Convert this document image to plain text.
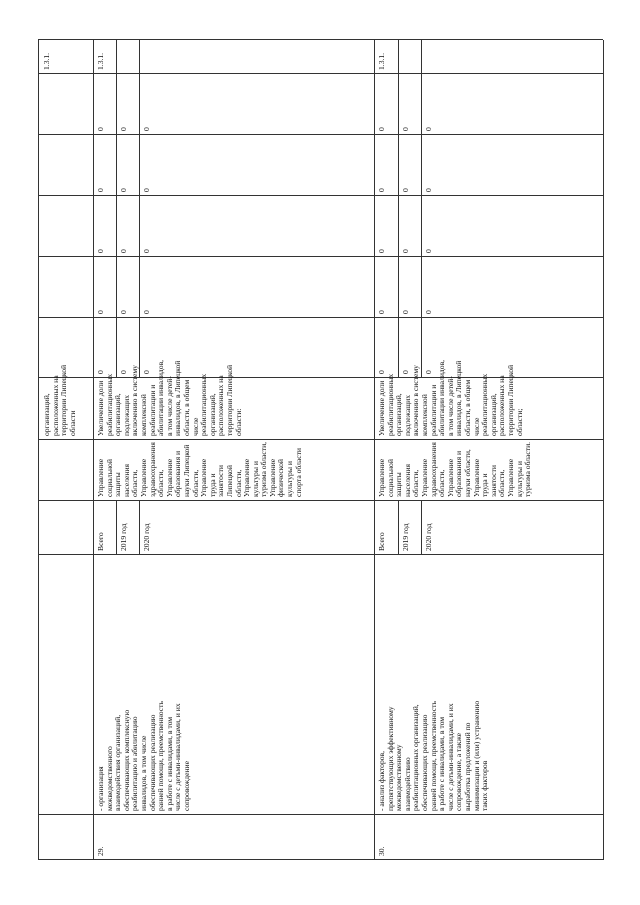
организаций,
расположенных на
территории Липецкой
области
1.3.1.
29.
- организация
межведомственного
взаимодействия организаций,
обеспечивающих комплексную
реабилитацию и абилитацию
инвалидов, в том числе
обеспечивающих реализацию
ранней помощи, преемственность
в работе с инвалидами, в том
числе с детьми-инвалидами, и их
сопровождение
Всего 2019 год 2020 год
Управление
социальной
защиты
населения
области,
Управление
здравоохранения
области,
Управление
образования и
науки Липецкой
области,
Управление
труда и
занятости
Липецкой
области,
Управление
культуры и
туризма области,
Управление
физической
культуры и
спорта области
0 0 0
0 0 0
0 0 0
0 0 0
0 0 0
1.3.1.
30.
- анализ факторов,
препятствующих эффективному
межведомственному
взаимодействию
реабилитационных организаций,
обеспечивающих реализацию
ранней помощи, преемственность
в работе с инвалидами, в том
числе с детьми-инвалидами, и их
сопровождение, а также
выработка предложений по
минимизации и (или) устранению
таких факторов
Всего 2019 год 2020 год
Управление
социальной
защиты
населения
области,
Управление
здравоохранения
области,
Управление
образования и
науки области,
Управление
труда и
занятости
области,
Управление
культуры и
туризма области.
0 0 0
0 0 0
0 0 0
0 0 0
0 0 0
1.3.1.
Увеличение доли
реабилитационных
организаций,
подлежащих
включению в систему
комплексной
реабилитации и
абилитации инвалидов,
в том числе детей-
инвалидов, в Липецкой
области, в общем
числе
реабилитационных
организаций,
расположенных на
территории Липецкой
области:	Увеличение доли
реабилитационных
организаций,
подлежащих
включению в систему
комплексной
реабилитации и
абилитации инвалидов,
в том числе детей-
инвалидов, в Липецкой
области, в общем
числе
реабилитационных
организаций,
расположенных на
территории Липецкой
области;
